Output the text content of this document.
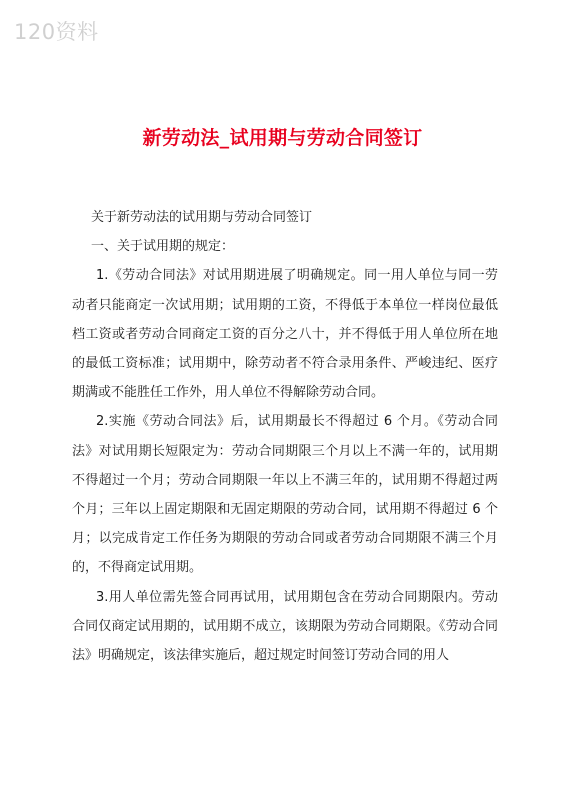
120资料
新劳动法_试用期与劳动合同签订

关于新劳动法的试用期与劳动合同签订

一、关于试用期的规定：

1.《劳动合同法》对试用期进展了明确规定。同一用人单位与同一劳动者只能商定一次试用期；试用期的工资，不得低于本单位一样岗位最低档工资或者劳动合同商定工资的百分之八十，并不得低于用人单位所在地的最低工资标准；试用期中，除劳动者不符合录用条件、严峻违纪、医疗期满或不能胜任工作外，用人单位不得解除劳动合同。

2.实施《劳动合同法》后，试用期最长不得超过 6 个月。《劳动合同法》对试用期长短限定为：劳动合同期限三个月以上不满一年的，试用期不得超过一个月；劳动合同期限一年以上不满三年的，试用期不得超过两个月；三年以上固定期限和无固定期限的劳动合同，试用期不得超过 6 个月；以完成肯定工作任务为期限的劳动合同或者劳动合同期限不满三个月的，不得商定试用期。

3.用人单位需先签合同再试用，试用期包含在劳动合同期限内。劳动合同仅商定试用期的，试用期不成立，该期限为劳动合同期限。《劳动合同法》明确规定，该法律实施后，超过规定时间签订劳动合同的用人
